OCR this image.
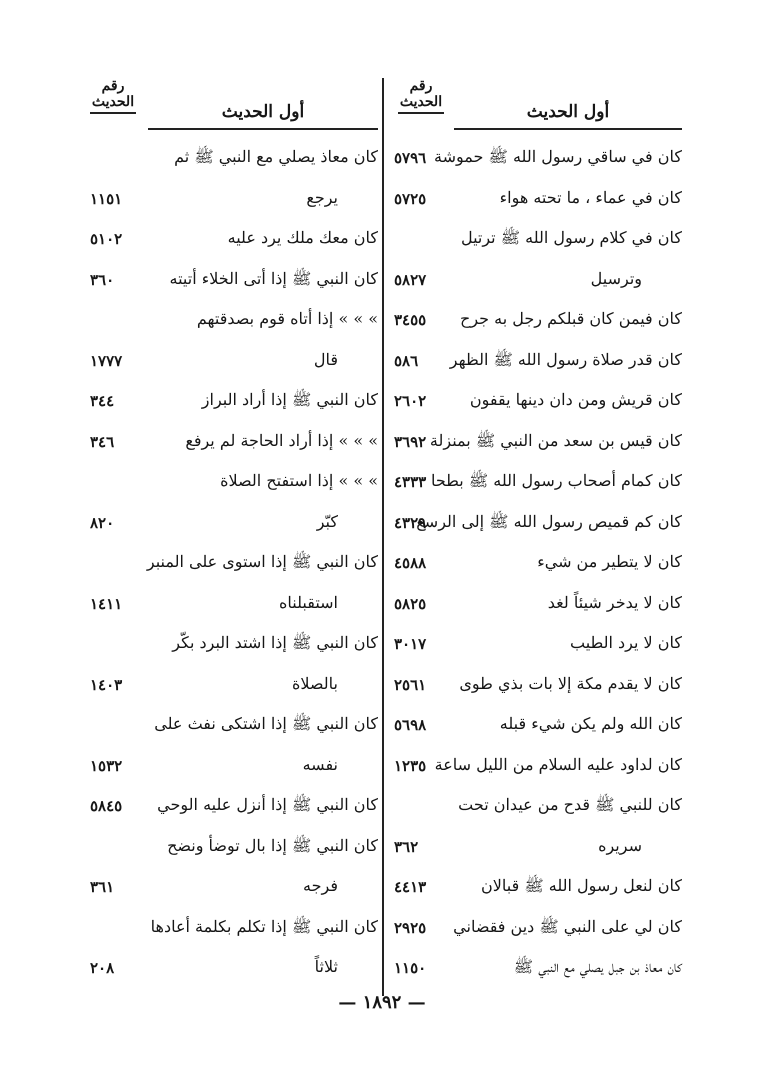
رقم
الحديث	أول الحديث
كان معاذ يصلي مع النبي ﷺ ثم
يرجع
١١٥١
كان معك ملك يرد عليه
٥١٠٢
كان النبي ﷺ إذا أتى الخلاء أتيته
٣٦٠
» » » إذا أتاه قوم بصدقتهم
قال
١٧٧٧
كان النبي ﷺ إذا أراد البراز
٣٤٤
» » » إذا أراد الحاجة لم يرفع
٣٤٦
» » » إذا استفتح الصلاة
كبّر
٨٢٠
كان النبي ﷺ إذا استوى على المنبر
استقبلناه
١٤١١
كان النبي ﷺ إذا اشتد البرد بكّر
بالصلاة
١٤٠٣
كان النبي ﷺ إذا اشتكى نفث على
نفسه
١٥٣٢
كان النبي ﷺ إذا أنزل عليه الوحي
٥٨٤٥
كان النبي ﷺ إذا بال توضأ ونضح
فرجه
٣٦١
كان النبي ﷺ إذا تكلم بكلمة أعادها
ثلاثاً
٢٠٨
رقم
الحديث	أول الحديث
كان في ساقي رسول الله ﷺ حموشة
٥٧٩٦
كان في عماء ، ما تحته هواء
٥٧٢٥
كان في كلام رسول الله ﷺ ترتيل
وترسيل
٥٨٢٧
كان فيمن كان قبلكم رجل به جرح
٣٤٥٥
كان قدر صلاة رسول الله ﷺ الظهر
٥٨٦
كان قريش ومن دان دينها يقفون
٢٦٠٢
كان قيس بن سعد من النبي ﷺ بمنزلة
٣٦٩٢
كان كمام أصحاب رسول الله ﷺ بطحا
٤٣٣٣
كان كم قميص رسول الله ﷺ إلى الرسغ
٤٣٢٩
كان لا يتطير من شيء
٤٥٨٨
كان لا يدخر شيئاً لغد
٥٨٢٥
كان لا يرد الطيب
٣٠١٧
كان لا يقدم مكة إلا بات بذي طوى
٢٥٦١
كان الله ولم يكن شيء قبله
٥٦٩٨
كان لداود عليه السلام من الليل ساعة
١٢٣٥
كان للنبي ﷺ قدح من عيدان تحت
سريره
٣٦٢
كان لنعل رسول الله ﷺ قبالان
٤٤١٣
كان لي على النبي ﷺ دين فقضاني
٢٩٢٥
كان معاذ بن جبل يصلي مع النبي ﷺ
١١٥٠
— ١٨٩٢ —
